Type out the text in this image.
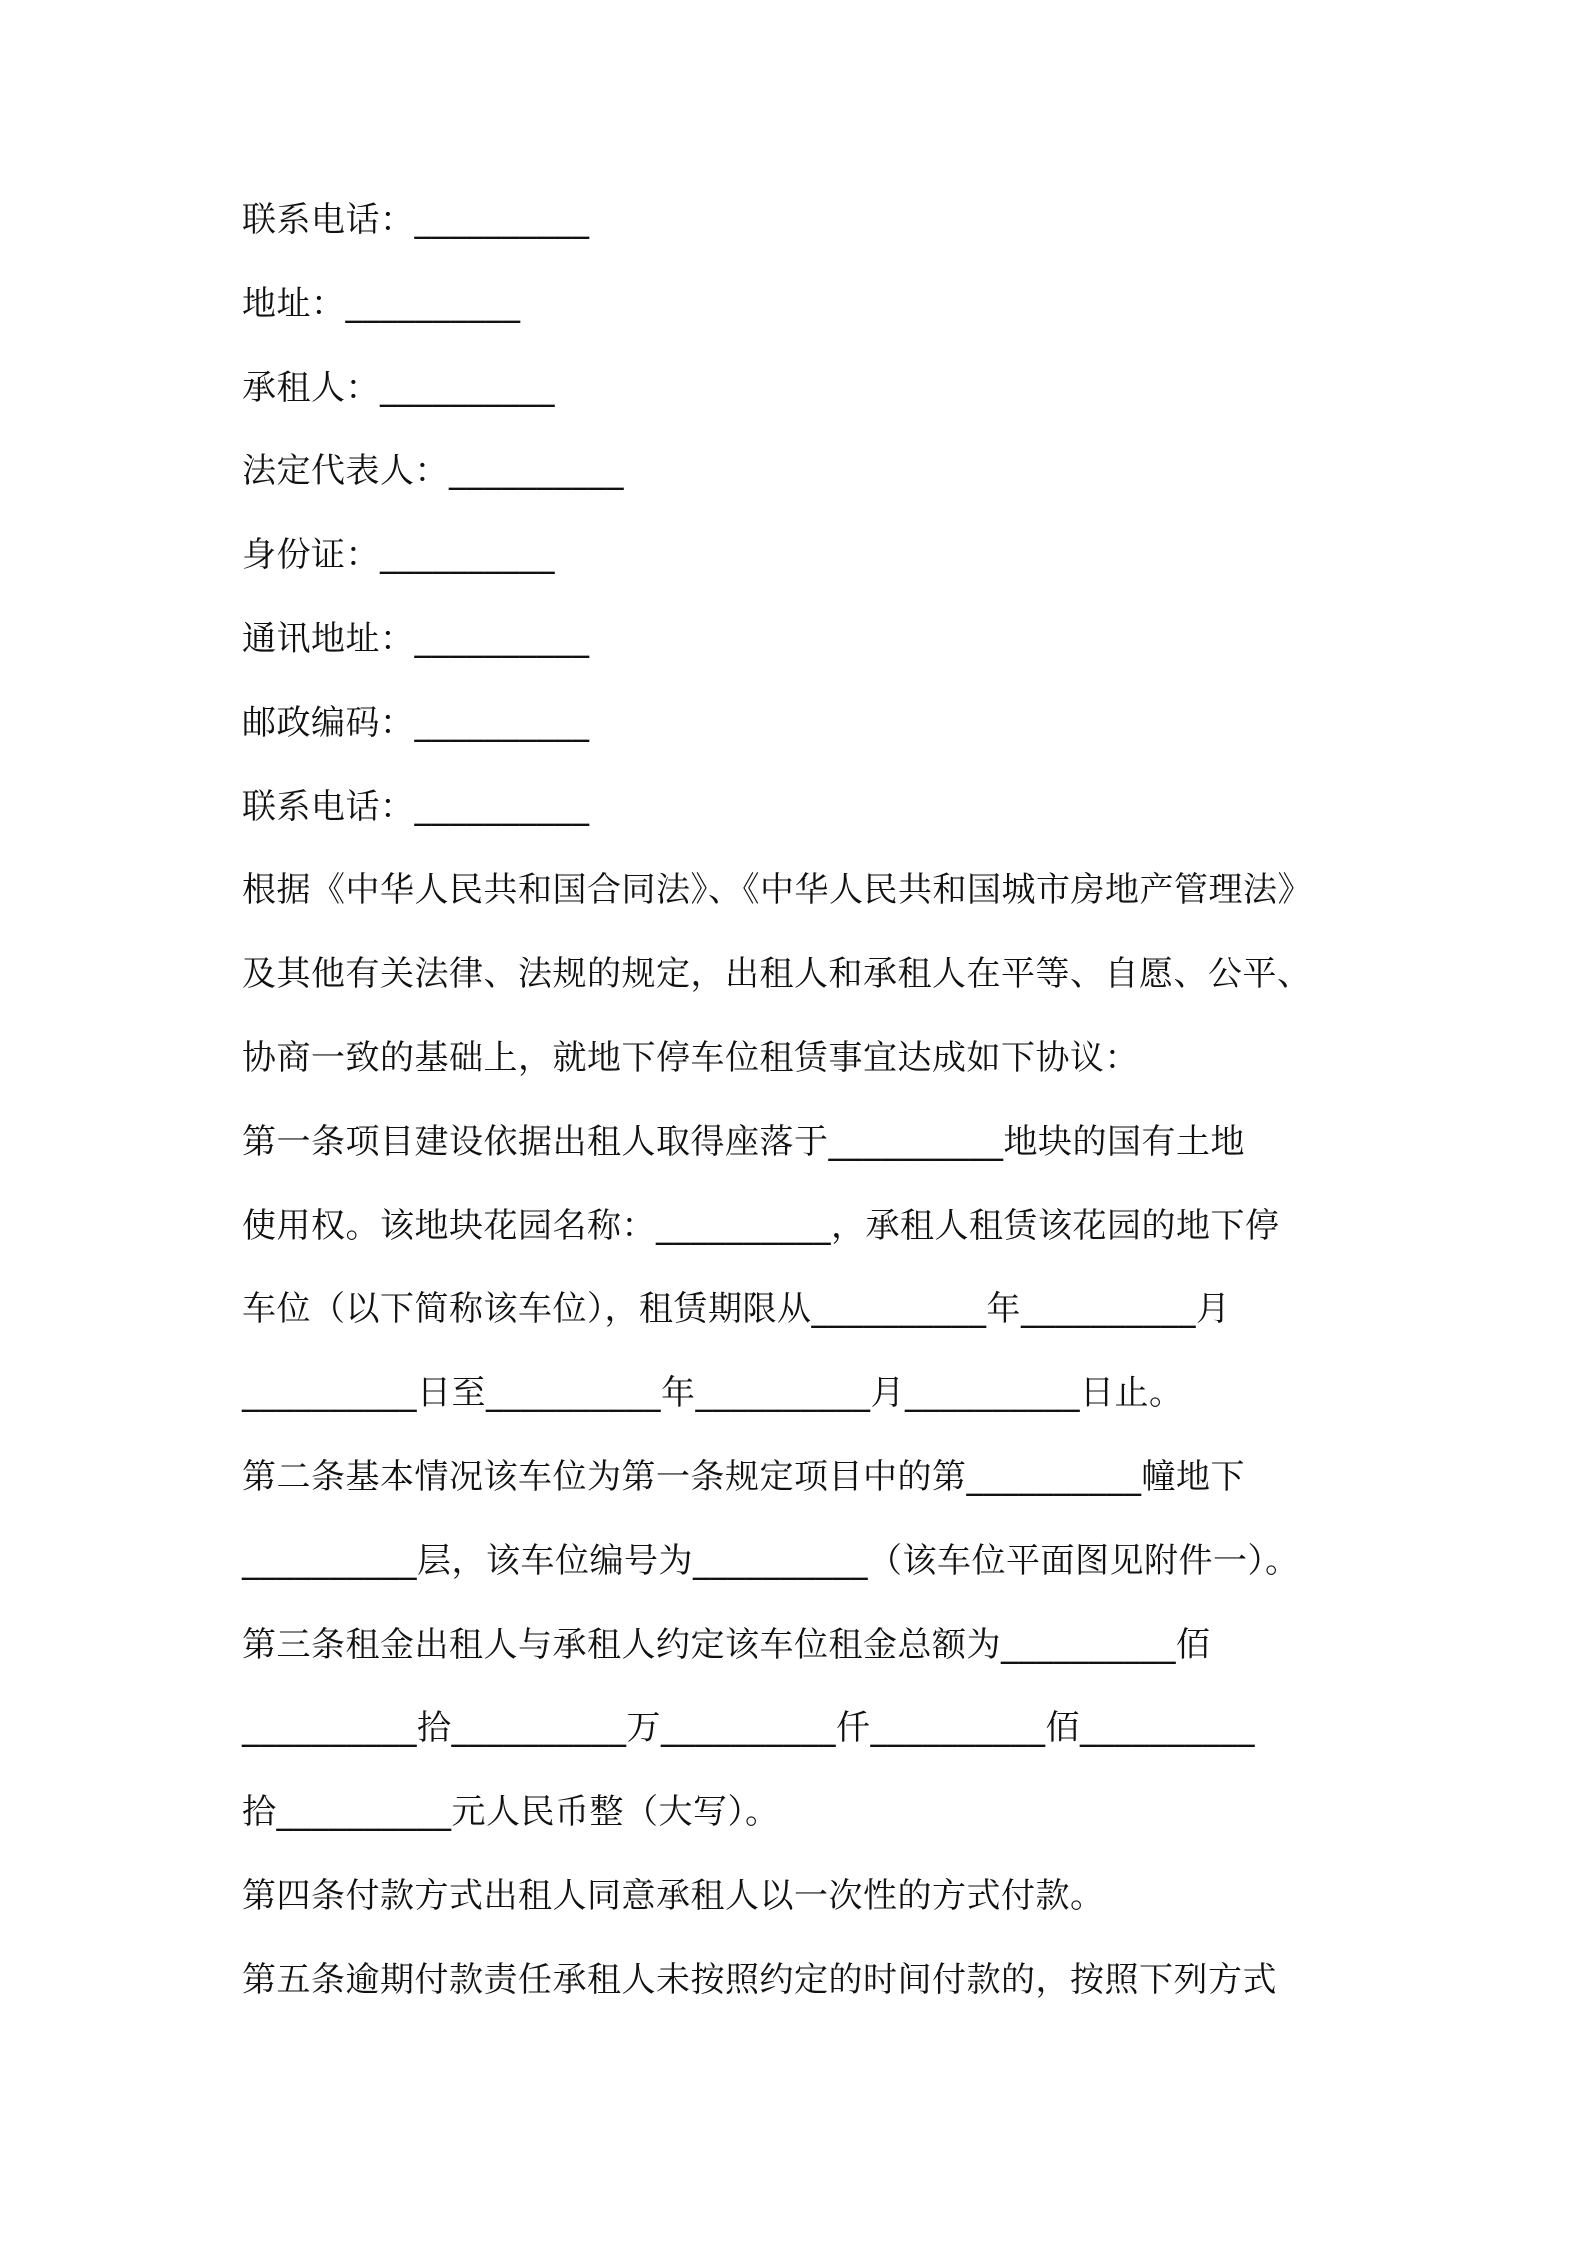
联系电话：__________
地址：__________
承租人：__________
法定代表人：__________
身份证：__________
通讯地址：__________
邮政编码：__________
联系电话：__________
根据《中华人民共和国合同法》、《中华人民共和国城市房地产管理法》
及其他有关法律、法规的规定，出租人和承租人在平等、自愿、公平、
协商一致的基础上，就地下停车位租赁事宜达成如下协议：
第一条项目建设依据出租人取得座落于__________地块的国有土地
使用权。该地块花园名称：__________，承租人租赁该花园的地下停
车位（以下简称该车位），租赁期限从__________年__________月
__________日至__________年__________月__________日止。
第二条基本情况该车位为第一条规定项目中的第__________幢地下
__________层，该车位编号为__________（该车位平面图见附件一）。
第三条租金出租人与承租人约定该车位租金总额为__________佰
__________拾__________万__________仟__________佰__________
拾__________元人民币整（大写）。
第四条付款方式出租人同意承租人以一次性的方式付款。
第五条逾期付款责任承租人未按照约定的时间付款的，按照下列方式
